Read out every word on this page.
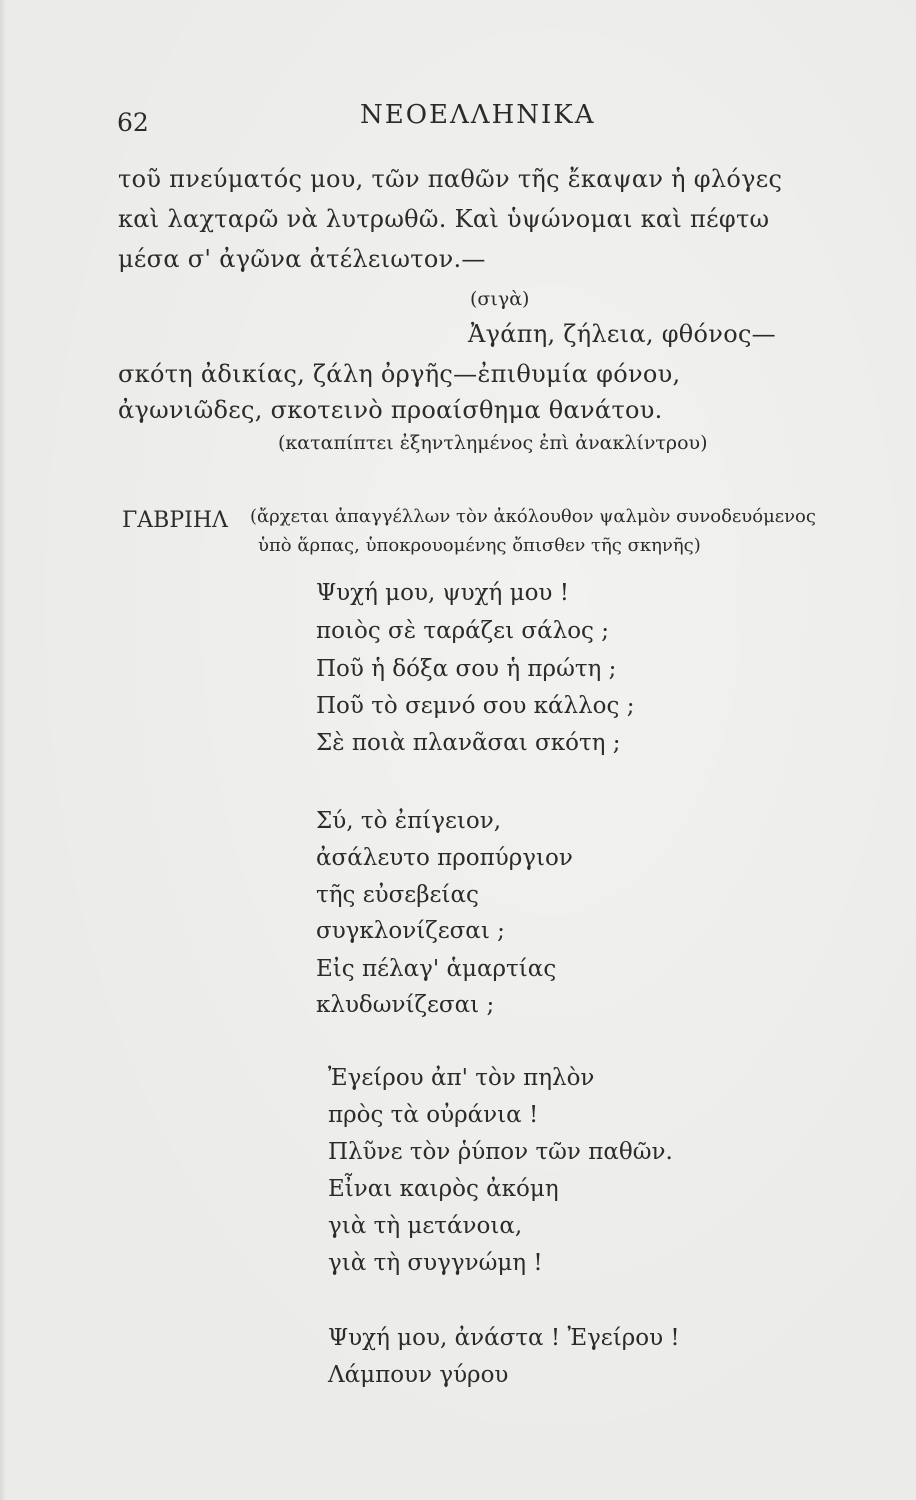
62	ΝΕΟΕΛΛΗΝΙΚΑ
τοῦ πνεύματός μου, τῶν παθῶν τῆς ἔκαψαν ἡ φλόγες
καὶ λαχταρῶ νὰ λυτρωθῶ. Καὶ ὑψώνομαι καὶ πέφτω
μέσα σ' ἀγῶνα ἀτέλειωτον.—
(σιγὰ)
Ἀγάπη, ζήλεια, φθόνος—
σκότη ἀδικίας, ζάλη ὀργῆς—ἐπιθυμία φόνου,
ἀγωνιῶδες, σκοτεινὸ προαίσθημα θανάτου.
(καταπίπτει ἐξηντλημένος ἐπὶ ἀνακλίντρου)
ΓΑΒΡΙΗΛ (ἄρχεται ἀπαγγέλλων τὸν ἀκόλουθον ψαλμὸν συνοδευόμενος
ὑπὸ ἅρπας, ὑποκρουομένης ὄπισθεν τῆς σκηνῆς)
Ψυχή μου, ψυχή μου !
ποιὸς σὲ ταράζει σάλος ;
Ποῦ ἡ δόξα σου ἡ πρώτη ;
Ποῦ τὸ σεμνό σου κάλλος ;
Σὲ ποιὰ πλανᾶσαι σκότη ;
Σύ, τὸ ἐπίγειον,
ἀσάλευτο προπύργιον
τῆς εὐσεβείας
συγκλονίζεσαι ;
Εἰς πέλαγ' ἁμαρτίας
κλυδωνίζεσαι ;
Ἐγείρου ἀπ' τὸν πηλὸν
πρὸς τὰ οὐράνια !
Πλῦνε τὸν ῥύπον τῶν παθῶν.
Εἶναι καιρὸς ἀκόμη
γιὰ τὴ μετάνοια,
γιὰ τὴ συγγνώμη !
Ψυχή μου, ἀνάστα ! Ἐγείρου !
Λάμπουν γύρου
